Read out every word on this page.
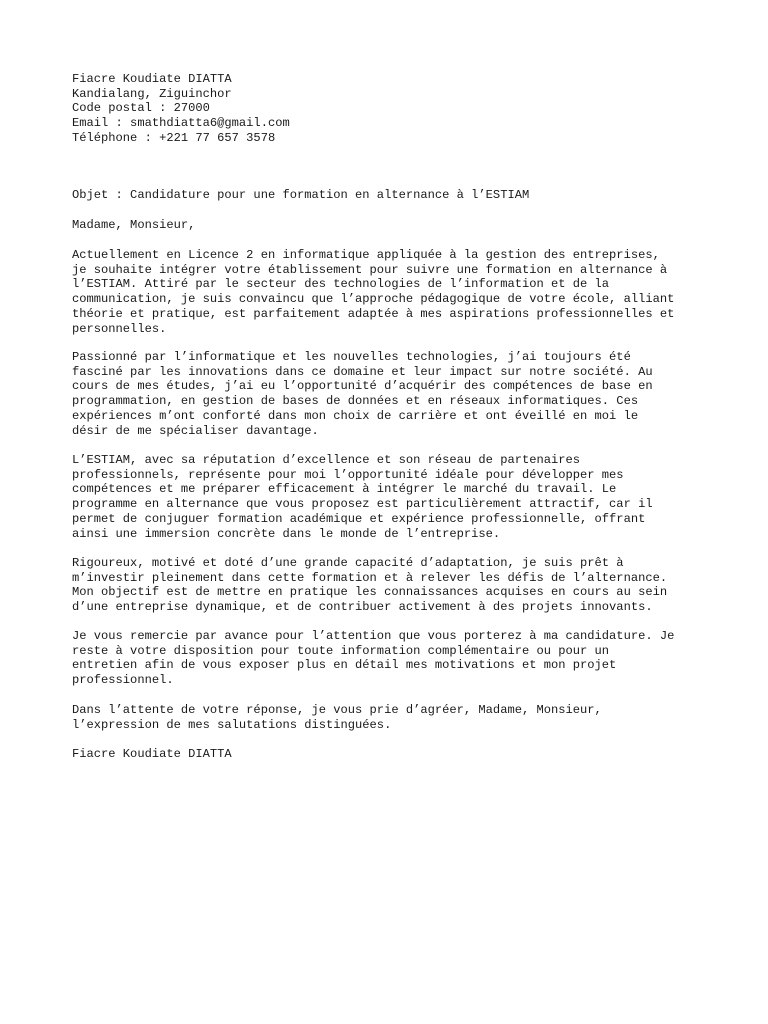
Fiacre Koudiate DIATTA
Kandialang, Ziguinchor
Code postal : 27000
Email : smathdiatta6@gmail.com
Téléphone : +221 77 657 3578
Objet : Candidature pour une formation en alternance à l’ESTIAM
Madame, Monsieur,
Actuellement en Licence 2 en informatique appliquée à la gestion des entreprises,
je souhaite intégrer votre établissement pour suivre une formation en alternance à
l’ESTIAM. Attiré par le secteur des technologies de l’information et de la
communication, je suis convaincu que l’approche pédagogique de votre école, alliant
théorie et pratique, est parfaitement adaptée à mes aspirations professionnelles et
personnelles.
Passionné par l’informatique et les nouvelles technologies, j’ai toujours été
fasciné par les innovations dans ce domaine et leur impact sur notre société. Au
cours de mes études, j’ai eu l’opportunité d’acquérir des compétences de base en
programmation, en gestion de bases de données et en réseaux informatiques. Ces
expériences m’ont conforté dans mon choix de carrière et ont éveillé en moi le
désir de me spécialiser davantage.
L’ESTIAM, avec sa réputation d’excellence et son réseau de partenaires
professionnels, représente pour moi l’opportunité idéale pour développer mes
compétences et me préparer efficacement à intégrer le marché du travail. Le
programme en alternance que vous proposez est particulièrement attractif, car il
permet de conjuguer formation académique et expérience professionnelle, offrant
ainsi une immersion concrète dans le monde de l’entreprise.
Rigoureux, motivé et doté d’une grande capacité d’adaptation, je suis prêt à
m’investir pleinement dans cette formation et à relever les défis de l’alternance.
Mon objectif est de mettre en pratique les connaissances acquises en cours au sein
d’une entreprise dynamique, et de contribuer activement à des projets innovants.
Je vous remercie par avance pour l’attention que vous porterez à ma candidature. Je
reste à votre disposition pour toute information complémentaire ou pour un
entretien afin de vous exposer plus en détail mes motivations et mon projet
professionnel.
Dans l’attente de votre réponse, je vous prie d’agréer, Madame, Monsieur,
l’expression de mes salutations distinguées.
Fiacre Koudiate DIATTA
